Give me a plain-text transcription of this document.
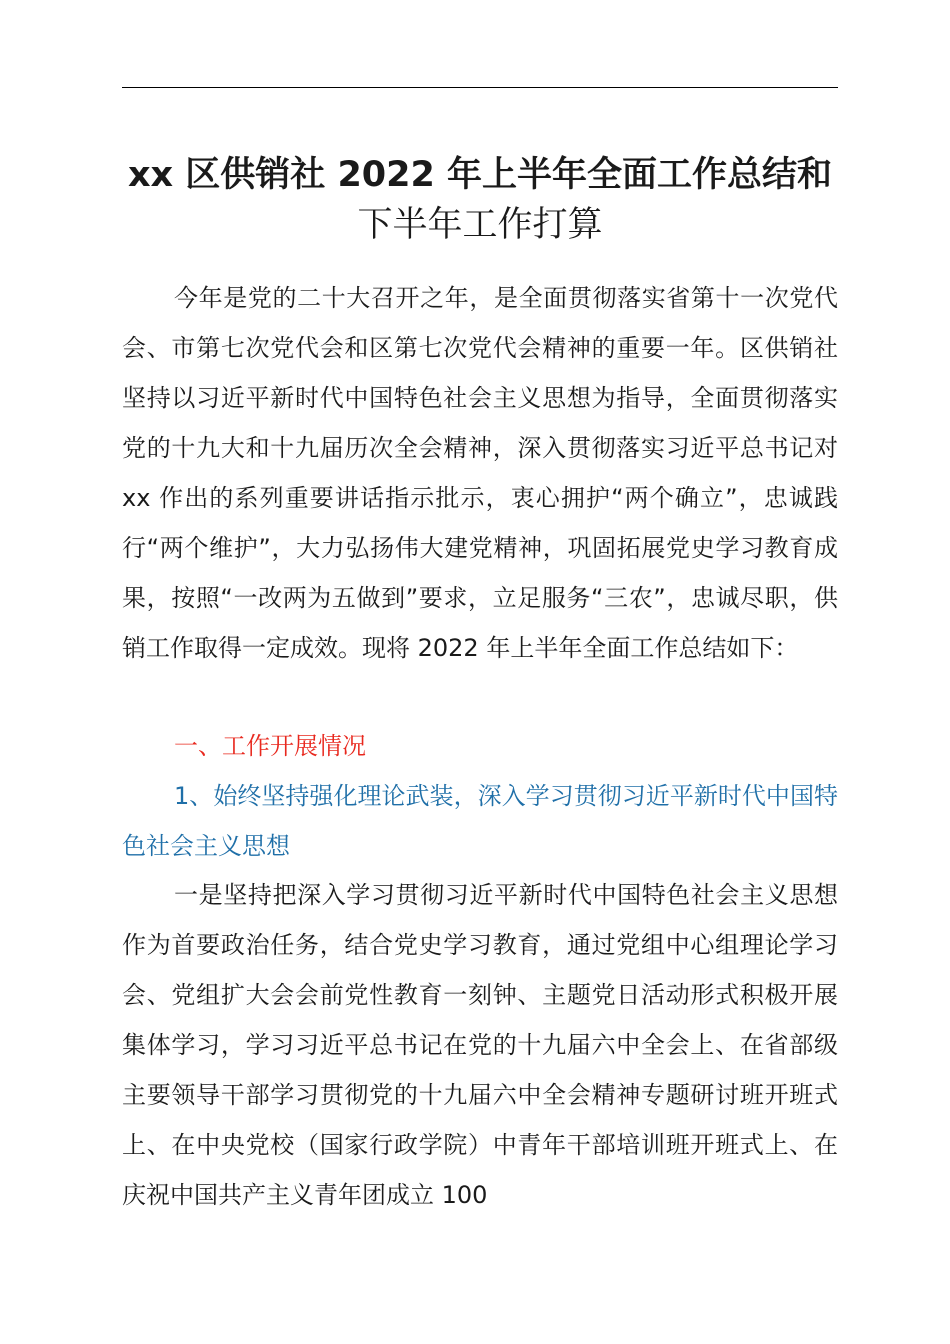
xx 区供销社 2022 年上半年全面工作总结和
下半年工作打算
今年是党的二十大召开之年，是全面贯彻落实省第十一次党代会、市第七次党代会和区第七次党代会精神的重要一年。区供销社坚持以习近平新时代中国特色社会主义思想为指导，全面贯彻落实党的十九大和十九届历次全会精神，深入贯彻落实习近平总书记对 xx 作出的系列重要讲话指示批示，衷心拥护“两个确立”，忠诚践行“两个维护”，大力弘扬伟大建党精神，巩固拓展党史学习教育成果，按照“一改两为五做到”要求，立足服务“三农”，忠诚尽职，供销工作取得一定成效。现将 2022 年上半年全面工作总结如下：
一、工作开展情况
1、始终坚持强化理论武装，深入学习贯彻习近平新时代中国特色社会主义思想
一是坚持把深入学习贯彻习近平新时代中国特色社会主义思想作为首要政治任务，结合党史学习教育，通过党组中心组理论学习会、党组扩大会会前党性教育一刻钟、主题党日活动形式积极开展集体学习，学习习近平总书记在党的十九届六中全会上、在省部级主要领导干部学习贯彻党的十九届六中全会精神专题研讨班开班式上、在中央党校（国家行政学院）中青年干部培训班开班式上、在庆祝中国共产主义青年团成立 100
